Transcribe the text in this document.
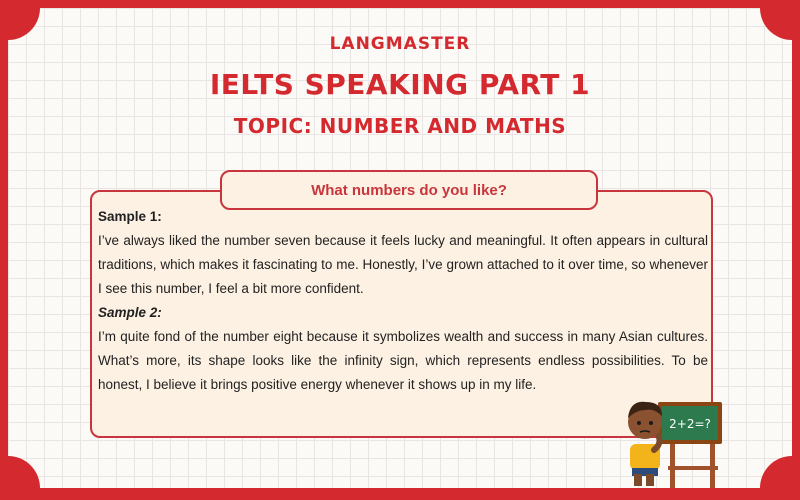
LANGMASTER
IELTS SPEAKING PART 1
TOPIC: NUMBER AND MATHS
What numbers do you like?

Sample 1:

I’ve always liked the number seven because it feels lucky and meaningful. It often appears in cultural traditions, which makes it fascinating to me. Honestly, I’ve grown attached to it over time, so whenever I see this number, I feel a bit more confident.

Sample 2:

I’m quite fond of the number eight because it symbolizes wealth and success in many Asian cultures. What’s more, its shape looks like the infinity sign, which represents endless possibilities. To be honest, I believe it brings positive energy whenever it shows up in my life.

2+2=?
